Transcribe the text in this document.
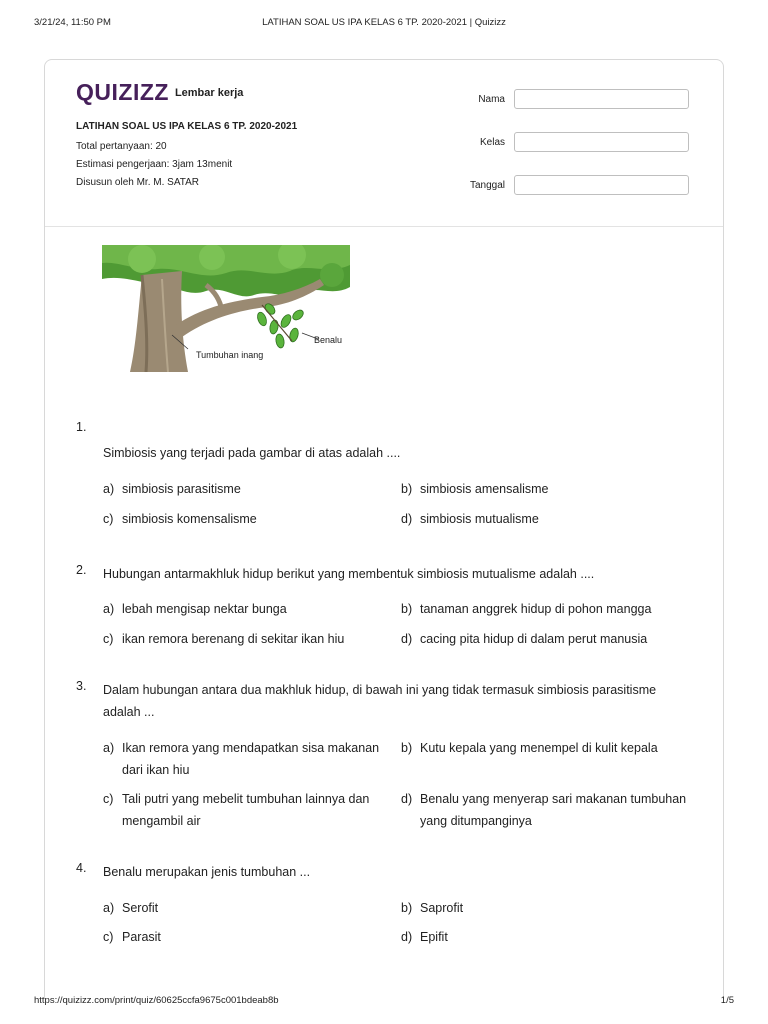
3/21/24, 11:50 PM	LATIHAN SOAL US IPA KELAS 6 TP. 2020-2021 | Quizizz
QUIZIZZ Lembar kerja
LATIHAN SOAL US IPA KELAS 6 TP. 2020-2021
Total pertanyaan: 20
Estimasi pengerjaan: 3jam 13menit
Disusun oleh Mr. M. SATAR
Nama
Kelas
Tanggal
Benalu
Tumbuhan inang
1.
Simbiosis yang terjadi pada gambar di atas adalah ....
a) simbiosis parasitisme	b) simbiosis amensalisme
c) simbiosis komensalisme	d) simbiosis mutualisme
2.	Hubungan antarmakhluk hidup berikut yang membentuk simbiosis mutualisme adalah ....
a) lebah mengisap nektar bunga	b) tanaman anggrek hidup di pohon mangga
c) ikan remora berenang di sekitar ikan hiu	d) cacing pita hidup di dalam perut manusia
3.	Dalam hubungan antara dua makhluk hidup, di bawah ini yang tidak termasuk simbiosis parasitisme adalah ...
a) Ikan remora yang mendapatkan sisa makanan dari ikan hiu
b) Kutu kepala yang menempel di kulit kepala
c) Tali putri yang mebelit tumbuhan lainnya dan mengambil air
d) Benalu yang menyerap sari makanan tumbuhan yang ditumpanginya
4.	Benalu merupakan jenis tumbuhan ...
a) Serofit	b) Saprofit
c) Parasit	d) Epifit
https://quizizz.com/print/quiz/60625ccfa9675c001bdeab8b	1/5
